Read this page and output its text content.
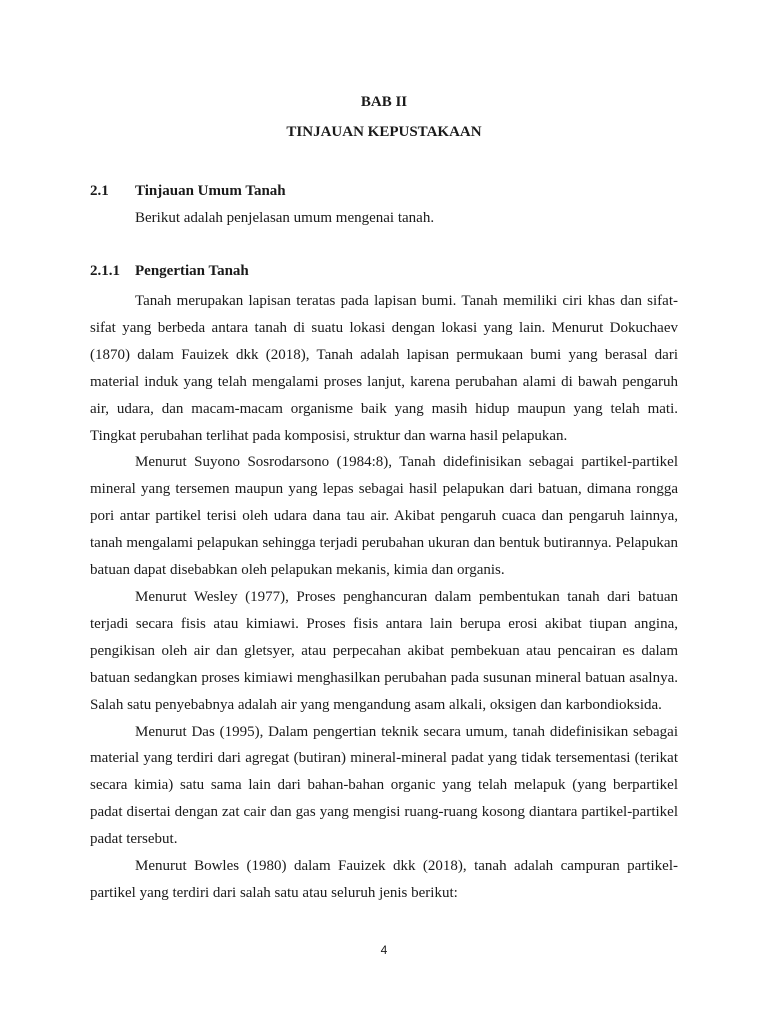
BAB II
TINJAUAN KEPUSTAKAAN
2.1 Tinjauan Umum Tanah
Berikut adalah penjelasan umum mengenai tanah.
2.1.1 Pengertian Tanah

Tanah merupakan lapisan teratas pada lapisan bumi. Tanah memiliki ciri khas dan sifat-sifat yang berbeda antara tanah di suatu lokasi dengan lokasi yang lain. Menurut Dokuchaev (1870) dalam Fauizek dkk (2018), Tanah adalah lapisan permukaan bumi yang berasal dari material induk yang telah mengalami proses lanjut, karena perubahan alami di bawah pengaruh air, udara, dan macam-macam organisme baik yang masih hidup maupun yang telah mati. Tingkat perubahan terlihat pada komposisi, struktur dan warna hasil pelapukan.

Menurut Suyono Sosrodarsono (1984:8), Tanah didefinisikan sebagai partikel-partikel mineral yang tersemen maupun yang lepas sebagai hasil pelapukan dari batuan, dimana rongga pori antar partikel terisi oleh udara dana tau air. Akibat pengaruh cuaca dan pengaruh lainnya, tanah mengalami pelapukan sehingga terjadi perubahan ukuran dan bentuk butirannya. Pelapukan batuan dapat disebabkan oleh pelapukan mekanis, kimia dan organis.

Menurut Wesley (1977), Proses penghancuran dalam pembentukan tanah dari batuan terjadi secara fisis atau kimiawi. Proses fisis antara lain berupa erosi akibat tiupan angina, pengikisan oleh air dan gletsyer, atau perpecahan akibat pembekuan atau pencairan es dalam batuan sedangkan proses kimiawi menghasilkan perubahan pada susunan mineral batuan asalnya. Salah satu penyebabnya adalah air yang mengandung asam alkali, oksigen dan karbondioksida.

Menurut Das (1995), Dalam pengertian teknik secara umum, tanah didefinisikan sebagai material yang terdiri dari agregat (butiran) mineral-mineral padat yang tidak tersementasi (terikat secara kimia) satu sama lain dari bahan-bahan organic yang telah melapuk (yang berpartikel padat disertai dengan zat cair dan gas yang mengisi ruang-ruang kosong diantara partikel-partikel padat tersebut.

Menurut Bowles (1980) dalam Fauizek dkk (2018), tanah adalah campuran partikel-partikel yang terdiri dari salah satu atau seluruh jenis berikut:

4
